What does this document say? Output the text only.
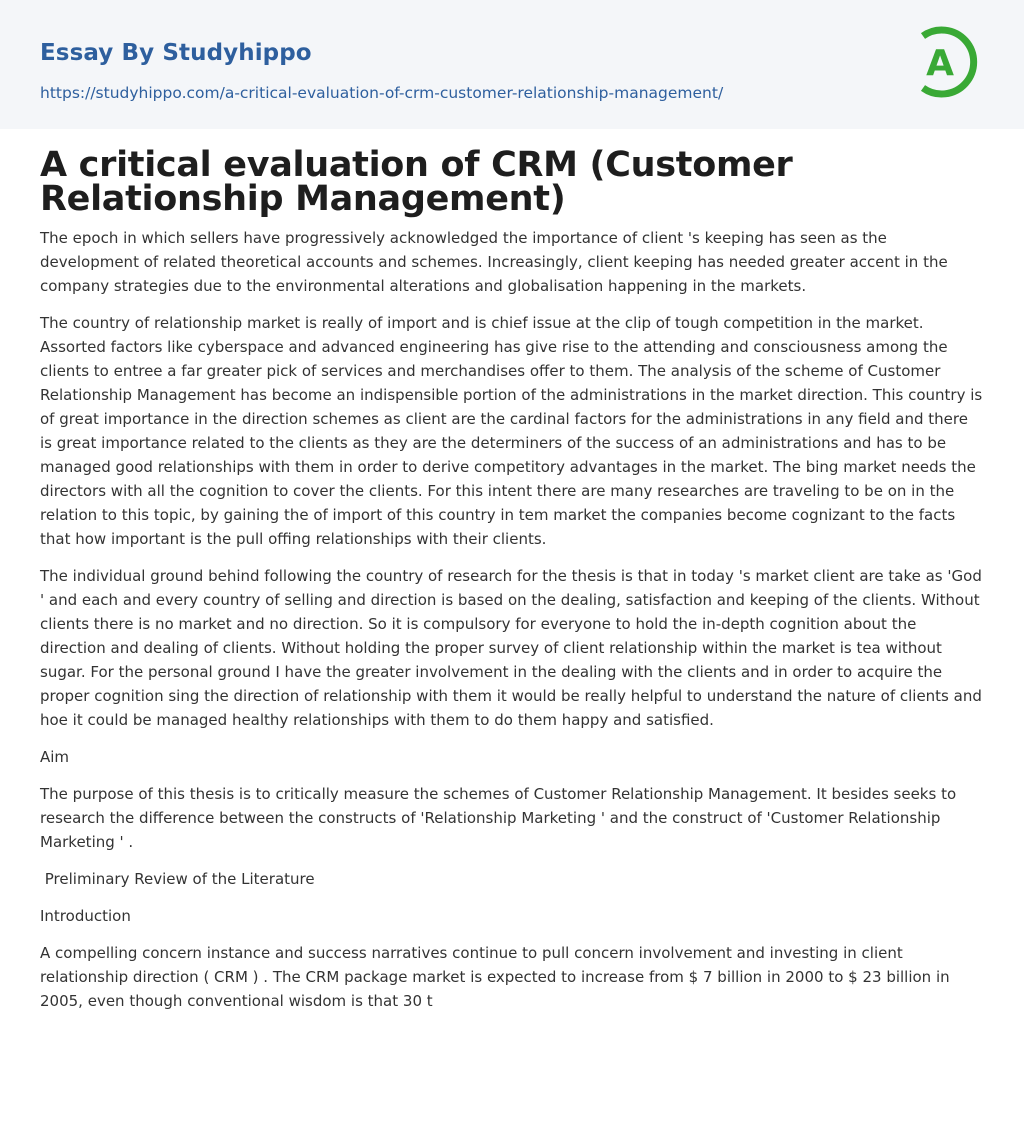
Essay By Studyhippo
https://studyhippo.com/a-critical-evaluation-of-crm-customer-relationship-management/
A
A critical evaluation of CRM (Customer Relationship Management)

The epoch in which sellers have progressively acknowledged the importance of client 's keeping has seen as the development of related theoretical accounts and schemes. Increasingly, client keeping has needed greater accent in the company strategies due to the environmental alterations and globalisation happening in the markets.

The country of relationship market is really of import and is chief issue at the clip of tough competition in the market. Assorted factors like cyberspace and advanced engineering has give rise to the attending and consciousness among the clients to entree a far greater pick of services and merchandises offer to them. The analysis of the scheme of Customer Relationship Management has become an indispensible portion of the administrations in the market direction. This country is of great importance in the direction schemes as client are the cardinal factors for the administrations in any field and there is great importance related to the clients as they are the determiners of the success of an administrations and has to be managed good relationships with them in order to derive competitory advantages in the market. The bing market needs the directors with all the cognition to cover the clients. For this intent there are many researches are traveling to be on in the relation to this topic, by gaining the of import of this country in tem market the companies become cognizant to the facts that how important is the pull offing relationships with their clients.

The individual ground behind following the country of research for the thesis is that in today 's market client are take as 'God ' and each and every country of selling and direction is based on the dealing, satisfaction and keeping of the clients. Without clients there is no market and no direction. So it is compulsory for everyone to hold the in-depth cognition about the direction and dealing of clients. Without holding the proper survey of client relationship within the market is tea without sugar. For the personal ground I have the greater involvement in the dealing with the clients and in order to acquire the proper cognition sing the direction of relationship with them it would be really helpful to understand the nature of clients and hoe it could be managed healthy relationships with them to do them happy and satisfied.

Aim

The purpose of this thesis is to critically measure the schemes of Customer Relationship Management. It besides seeks to research the difference between the constructs of 'Relationship Marketing ' and the construct of 'Customer Relationship Marketing ' .

Preliminary Review of the Literature

Introduction

A compelling concern instance and success narratives continue to pull concern involvement and investing in client relationship direction ( CRM ) . The CRM package market is expected to increase from $ 7 billion in 2000 to $ 23 billion in 2005, even though conventional wisdom is that 30 t
